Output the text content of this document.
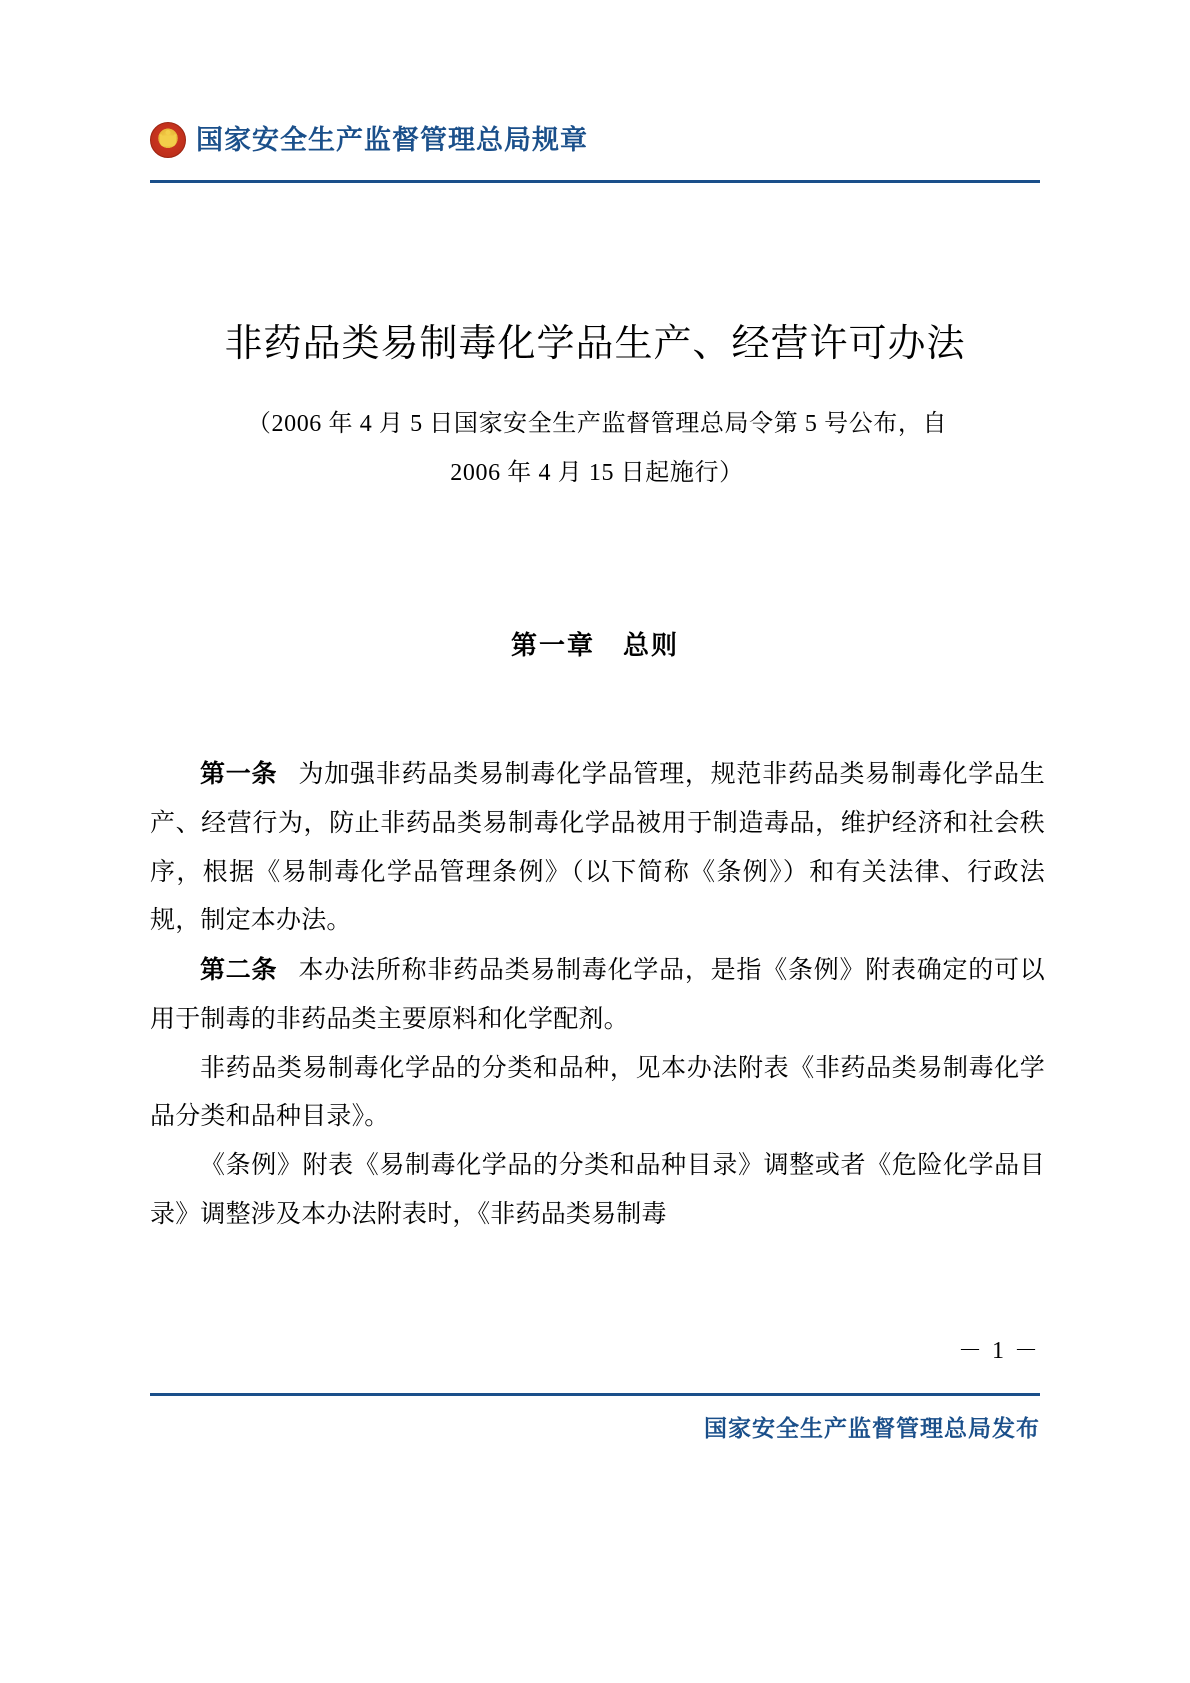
国家安全生产监督管理总局规章
非药品类易制毒化学品生产、经营许可办法
（2006 年 4 月 5 日国家安全生产监督管理总局令第 5 号公布，自 2006 年 4 月 15 日起施行）
第一章　总则

第一条 为加强非药品类易制毒化学品管理，规范非药品类易制毒化学品生产、经营行为，防止非药品类易制毒化学品被用于制造毒品，维护经济和社会秩序，根据《易制毒化学品管理条例》（以下简称《条例》）和有关法律、行政法规，制定本办法。

第二条 本办法所称非药品类易制毒化学品，是指《条例》附表确定的可以用于制毒的非药品类主要原料和化学配剂。

非药品类易制毒化学品的分类和品种，见本办法附表《非药品类易制毒化学品分类和品种目录》。

《条例》附表《易制毒化学品的分类和品种目录》调整或者《危险化学品目录》调整涉及本办法附表时，《非药品类易制毒

－ 1 －
国家安全生产监督管理总局发布
